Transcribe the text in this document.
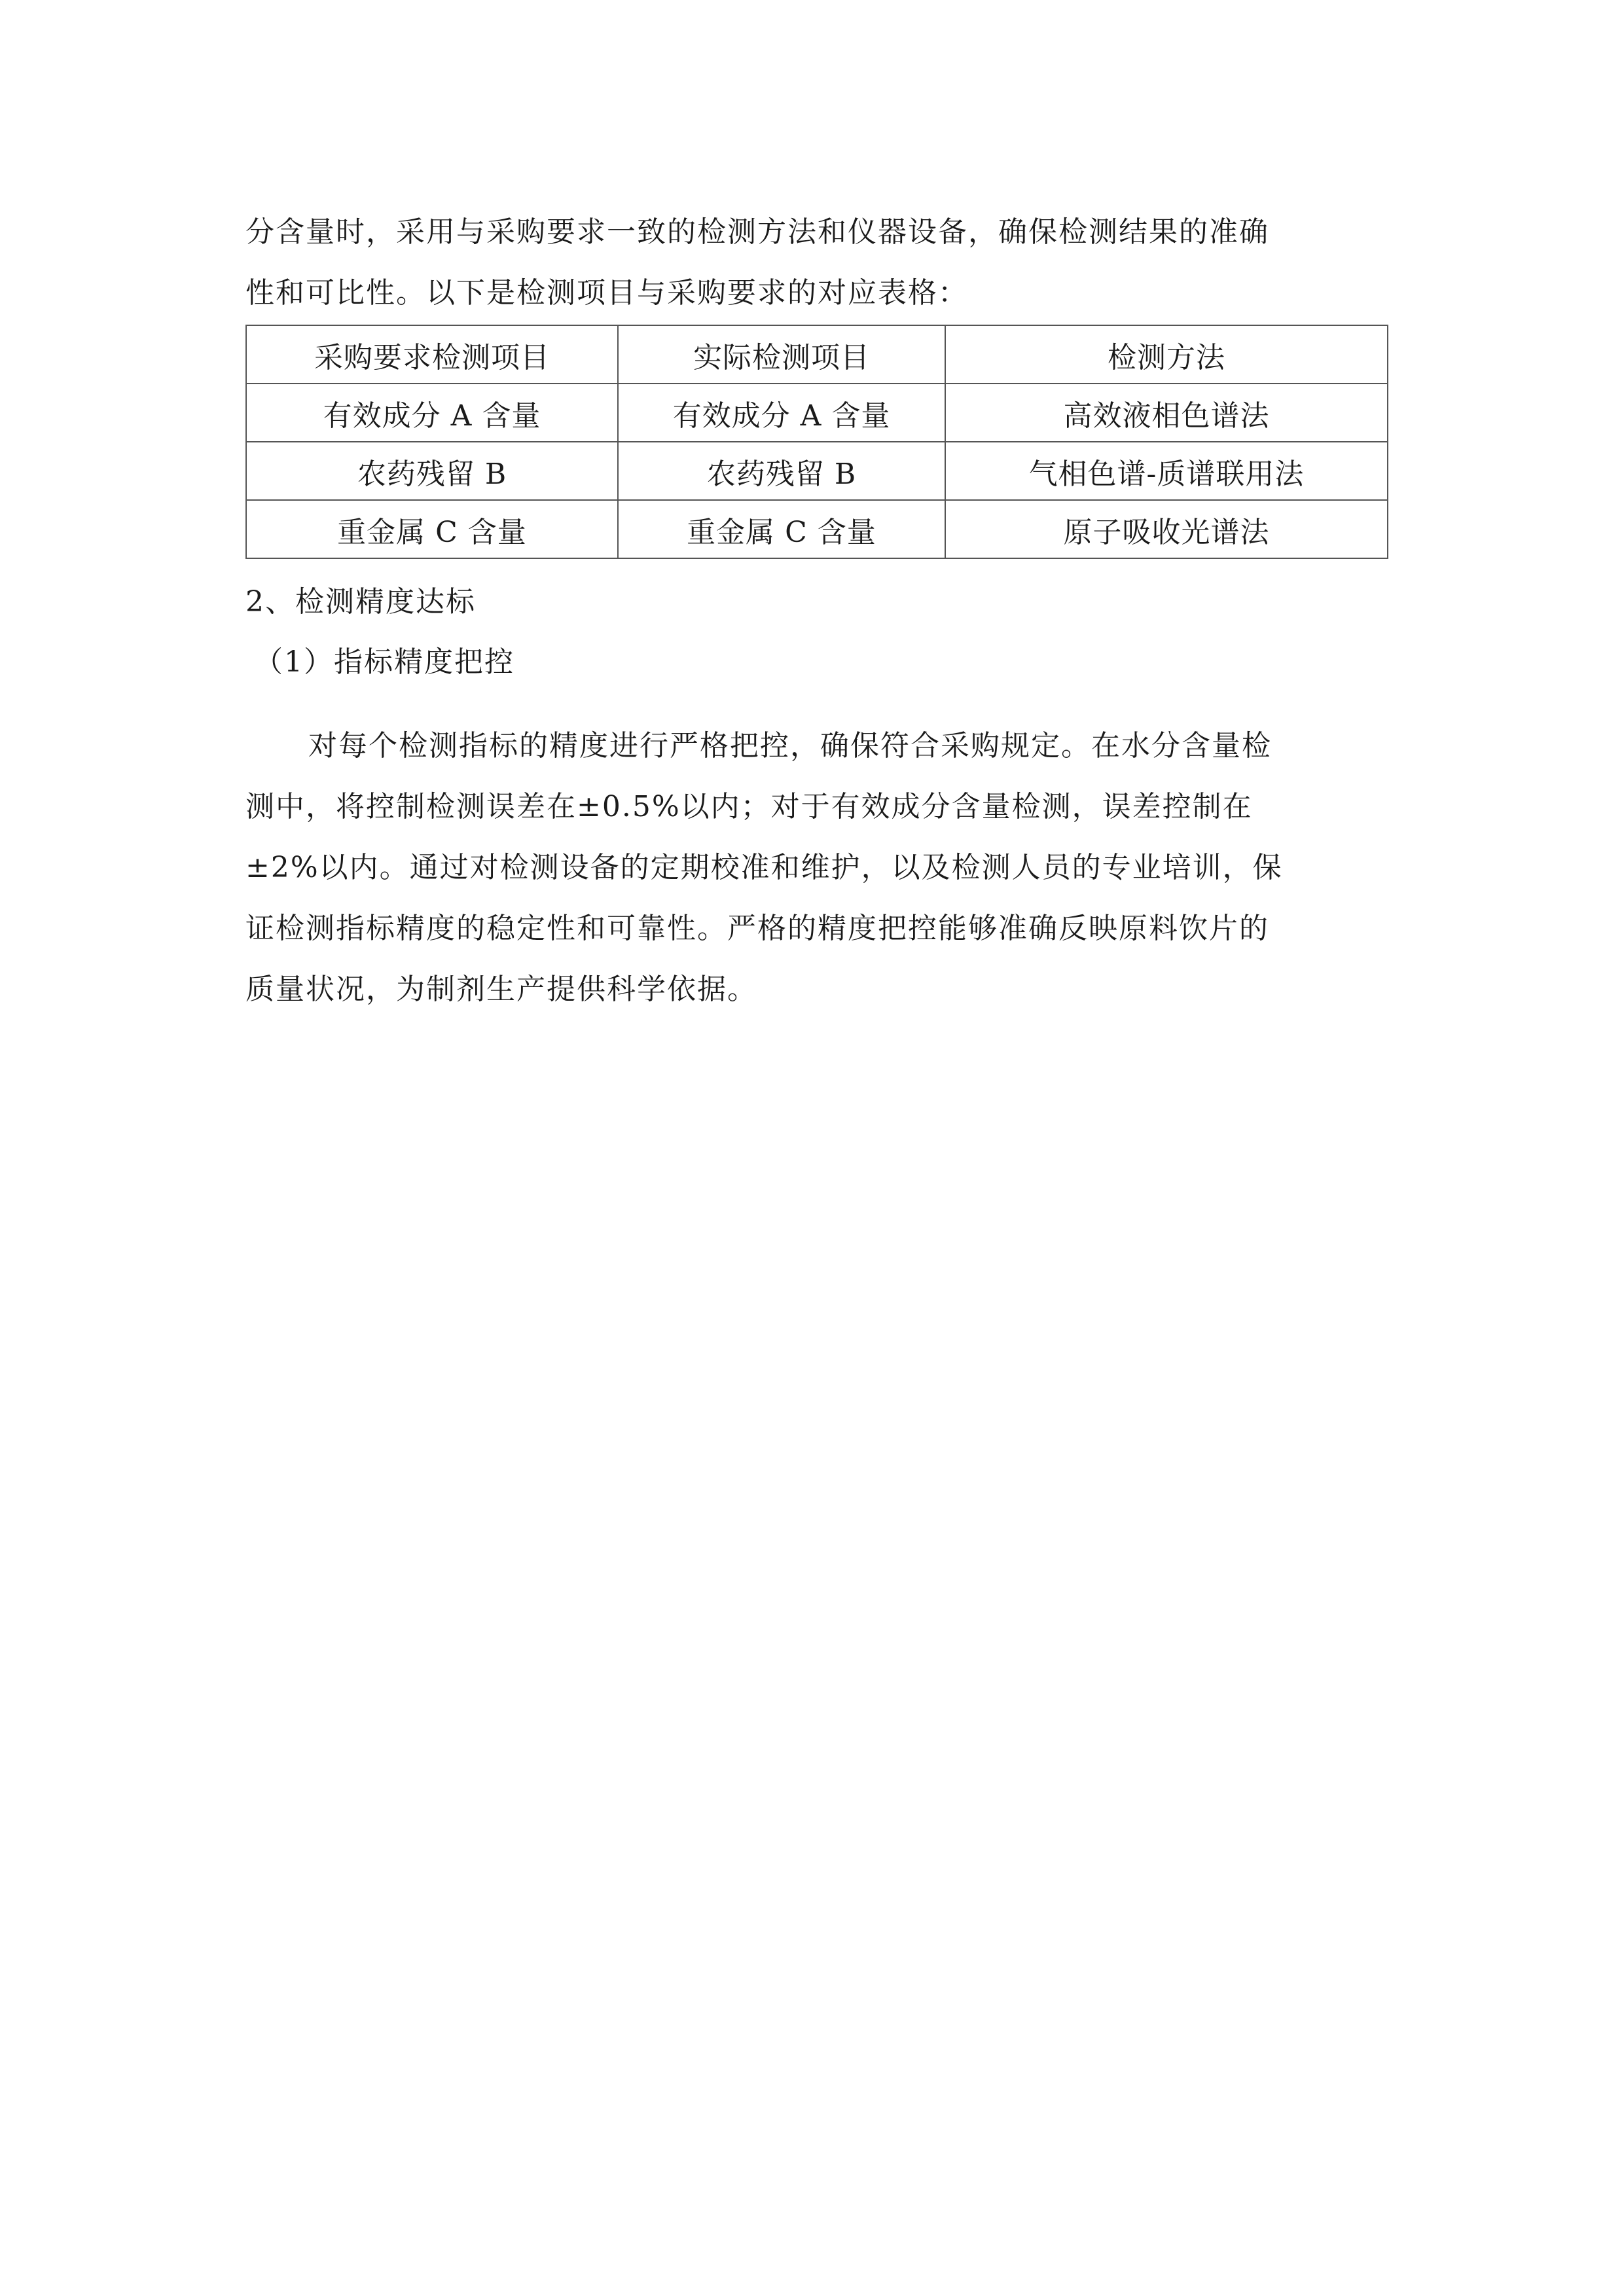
分含量时，采用与采购要求一致的检测方法和仪器设备，确保检测结果的准确
性和可比性。以下是检测项目与采购要求的对应表格：
采购要求检测项目	实际检测项目	检测方法
有效成分 A 含量	有效成分 A 含量	高效液相色谱法
农药残留 B	农药残留 B	气相色谱-质谱联用法
重金属 C 含量	重金属 C 含量	原子吸收光谱法
2、检测精度达标
（1）指标精度把控
对每个检测指标的精度进行严格把控，确保符合采购规定。在水分含量检
测中，将控制检测误差在±0.5%以内；对于有效成分含量检测，误差控制在
±2%以内。通过对检测设备的定期校准和维护，以及检测人员的专业培训，保
证检测指标精度的稳定性和可靠性。严格的精度把控能够准确反映原料饮片的
质量状况，为制剂生产提供科学依据。
